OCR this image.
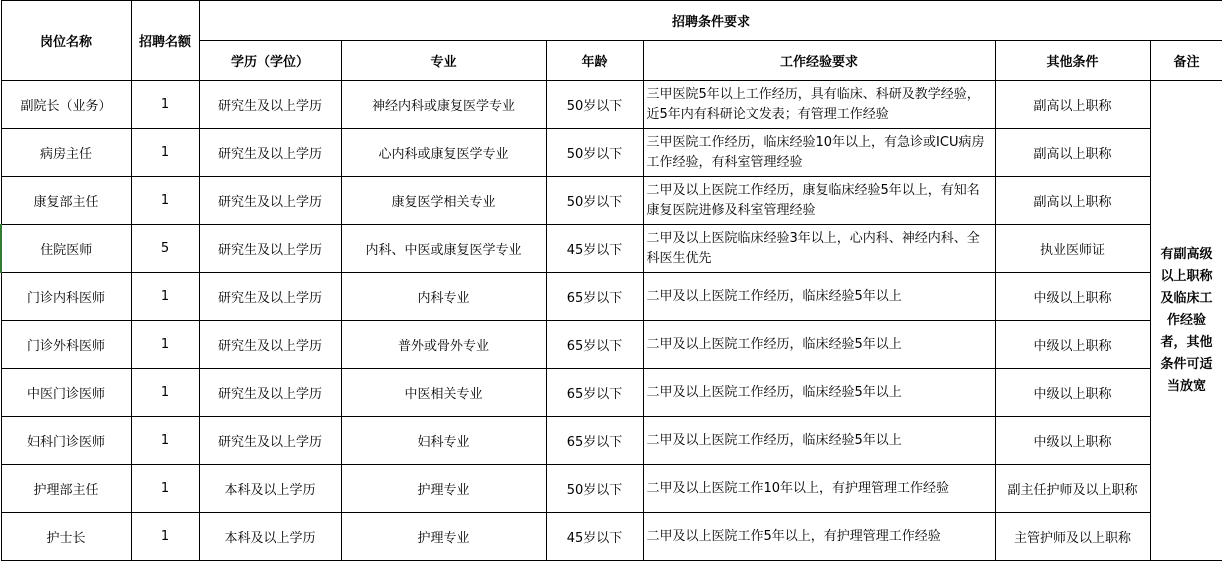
岗位名称	招聘名额	招聘条件要求					
		学历（学位）	专业	年龄	工作经验要求	其他条件	备注
副院长（业务）	1	研究生及以上学历	神经内科或康复医学专业	50岁以下	三甲医院5年以上工作经历，具有临床、科研及教学经验，近5年内有科研论文发表；有管理工作经验	副高以上职称	有副高级以上职称及临床工作经验者，其他条件可适当放宽
病房主任	1	研究生及以上学历	心内科或康复医学专业	50岁以下	三甲医院工作经历，临床经验10年以上，有急诊或ICU病房工作经验，有科室管理经验	副高以上职称	
康复部主任	1	研究生及以上学历	康复医学相关专业	50岁以下	二甲及以上医院工作经历，康复临床经验5年以上，有知名康复医院进修及科室管理经验	副高以上职称	
住院医师	5	研究生及以上学历	内科、中医或康复医学专业	45岁以下	二甲及以上医院临床经验3年以上，心内科、神经内科、全科医生优先	执业医师证	
门诊内科医师	1	研究生及以上学历	内科专业	65岁以下	二甲及以上医院工作经历，临床经验5年以上	中级以上职称	
门诊外科医师	1	研究生及以上学历	普外或骨外专业	65岁以下	二甲及以上医院工作经历，临床经验5年以上	中级以上职称	
中医门诊医师	1	研究生及以上学历	中医相关专业	65岁以下	二甲及以上医院工作经历，临床经验5年以上	中级以上职称	
妇科门诊医师	1	研究生及以上学历	妇科专业	65岁以下	二甲及以上医院工作经历，临床经验5年以上	中级以上职称	
护理部主任	1	本科及以上学历	护理专业	50岁以下	二甲及以上医院工作10年以上，有护理管理工作经验	副主任护师及以上职称	
护士长	1	本科及以上学历	护理专业	45岁以下	二甲及以上医院工作5年以上，有护理管理工作经验	主管护师及以上职称	
